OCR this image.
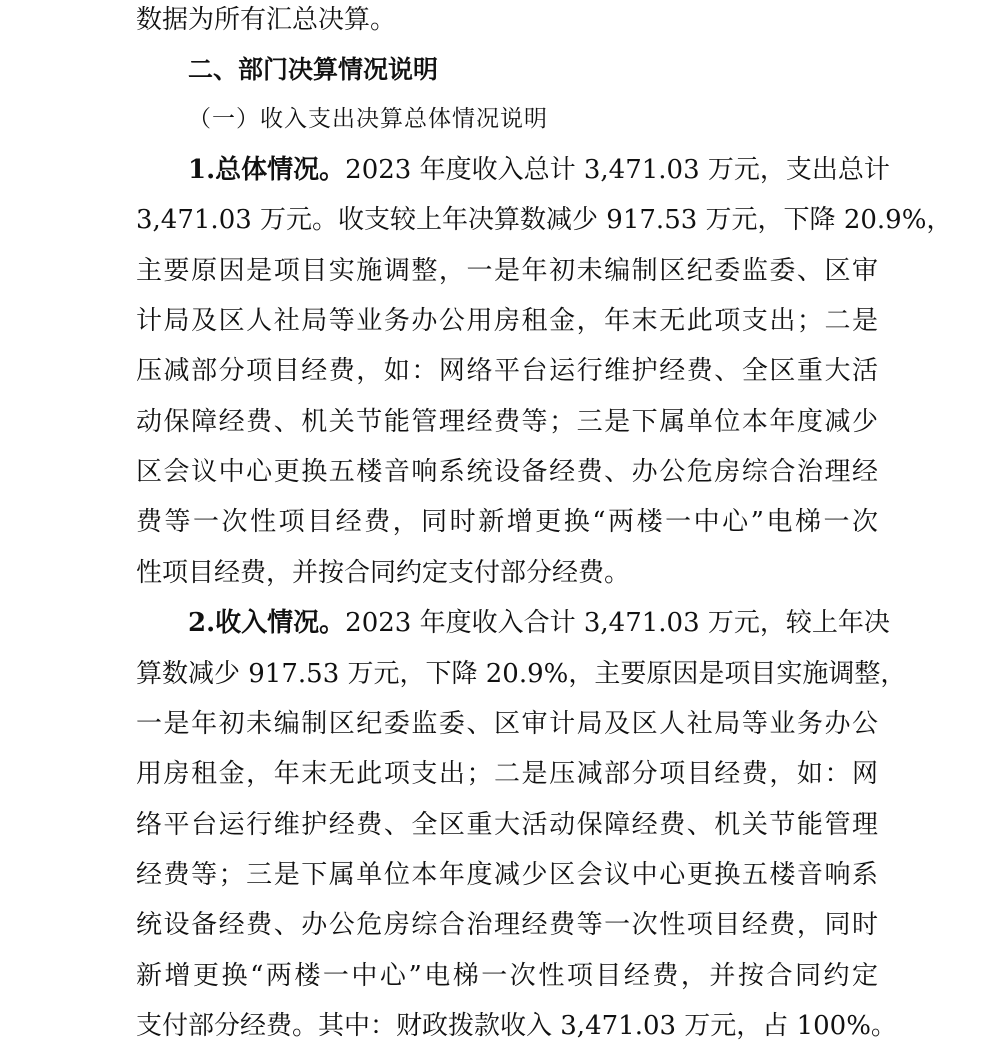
数据为所有汇总决算。
二、部门决算情况说明
（一）收入支出决算总体情况说明
1.总体情况。2023 年度收入总计 3,471.03 万元，支出总计
3,471.03 万元。收支较上年决算数减少 917.53 万元，下降 20.9%，
主要原因是项目实施调整，一是年初未编制区纪委监委、区审
计局及区人社局等业务办公用房租金，年末无此项支出；二是
压减部分项目经费，如：网络平台运行维护经费、全区重大活
动保障经费、机关节能管理经费等；三是下属单位本年度减少
区会议中心更换五楼音响系统设备经费、办公危房综合治理经
费等一次性项目经费，同时新增更换“两楼一中心”电梯一次
性项目经费，并按合同约定支付部分经费。
2.收入情况。2023 年度收入合计 3,471.03 万元，较上年决
算数减少 917.53 万元，下降 20.9%，主要原因是项目实施调整，
一是年初未编制区纪委监委、区审计局及区人社局等业务办公
用房租金，年末无此项支出；二是压减部分项目经费，如：网
络平台运行维护经费、全区重大活动保障经费、机关节能管理
经费等；三是下属单位本年度减少区会议中心更换五楼音响系
统设备经费、办公危房综合治理经费等一次性项目经费，同时
新增更换“两楼一中心”电梯一次性项目经费，并按合同约定
支付部分经费。其中：财政拨款收入 3,471.03 万元，占 100%。
